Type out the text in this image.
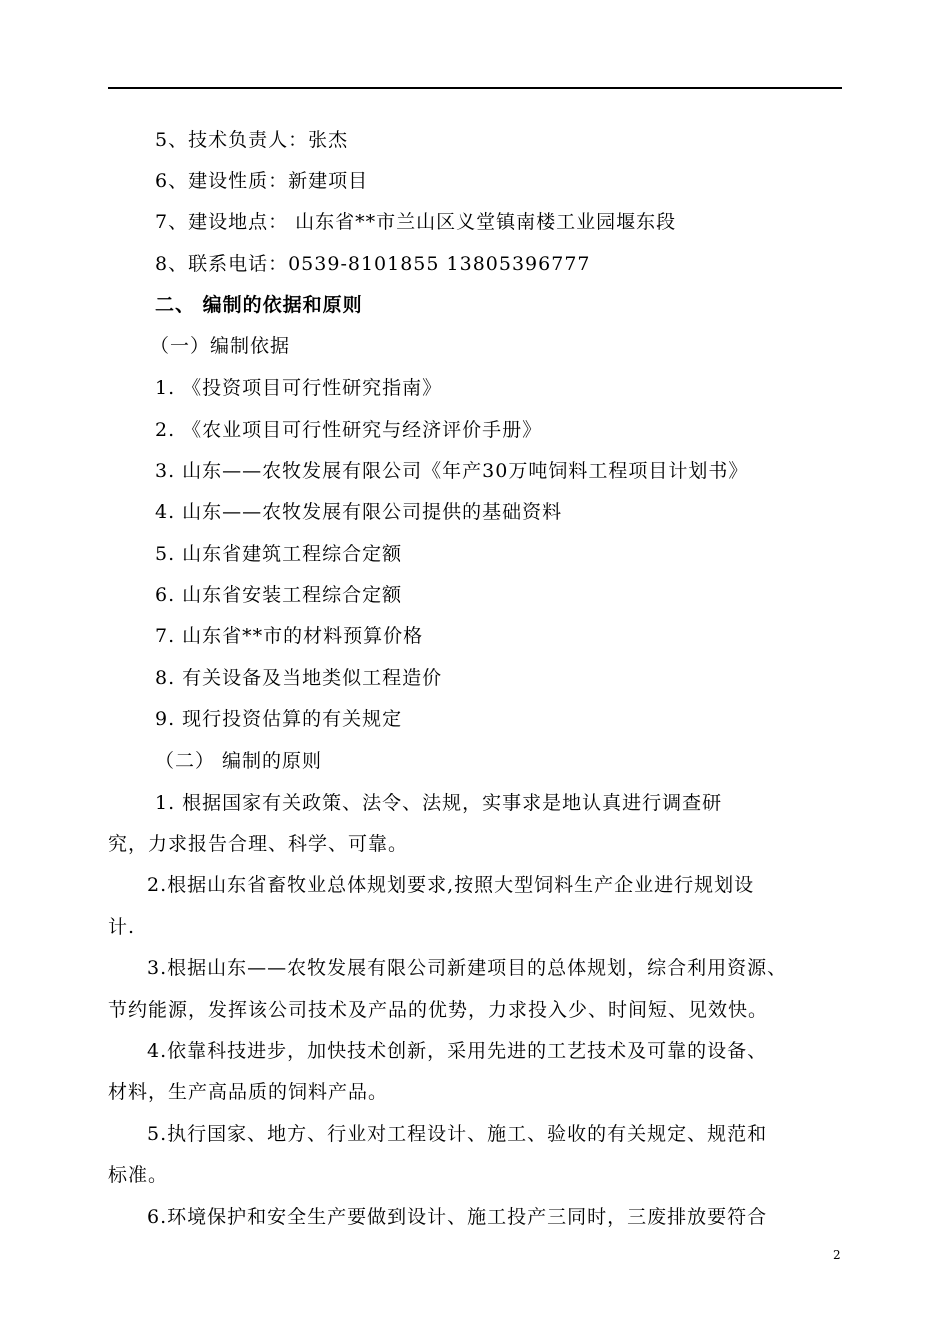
5、技术负责人：张杰
6、建设性质：新建项目
7、建设地点： 山东省**市兰山区义堂镇南楼工业园堰东段
8、联系电话：0539-8101855 13805396777
二、 编制的依据和原则
（一）编制依据
1. 《投资项目可行性研究指南》
2. 《农业项目可行性研究与经济评价手册》
3. 山东——农牧发展有限公司《年产30万吨饲料工程项目计划书》
4. 山东——农牧发展有限公司提供的基础资料
5. 山东省建筑工程综合定额
6. 山东省安装工程综合定额
7. 山东省**市的材料预算价格
8. 有关设备及当地类似工程造价
9. 现行投资估算的有关规定
（二） 编制的原则
1. 根据国家有关政策、法令、法规，实事求是地认真进行调查研
究，力求报告合理、科学、可靠。
2.根据山东省畜牧业总体规划要求,按照大型饲料生产企业进行规划设
计.
3.根据山东——农牧发展有限公司新建项目的总体规划，综合利用资源、
节约能源，发挥该公司技术及产品的优势，力求投入少、时间短、见效快。
4.依靠科技进步，加快技术创新，采用先进的工艺技术及可靠的设备、
材料，生产高品质的饲料产品。
5.执行国家、地方、行业对工程设计、施工、验收的有关规定、规范和
标准。
6.环境保护和安全生产要做到设计、施工投产三同时，三废排放要符合
2
